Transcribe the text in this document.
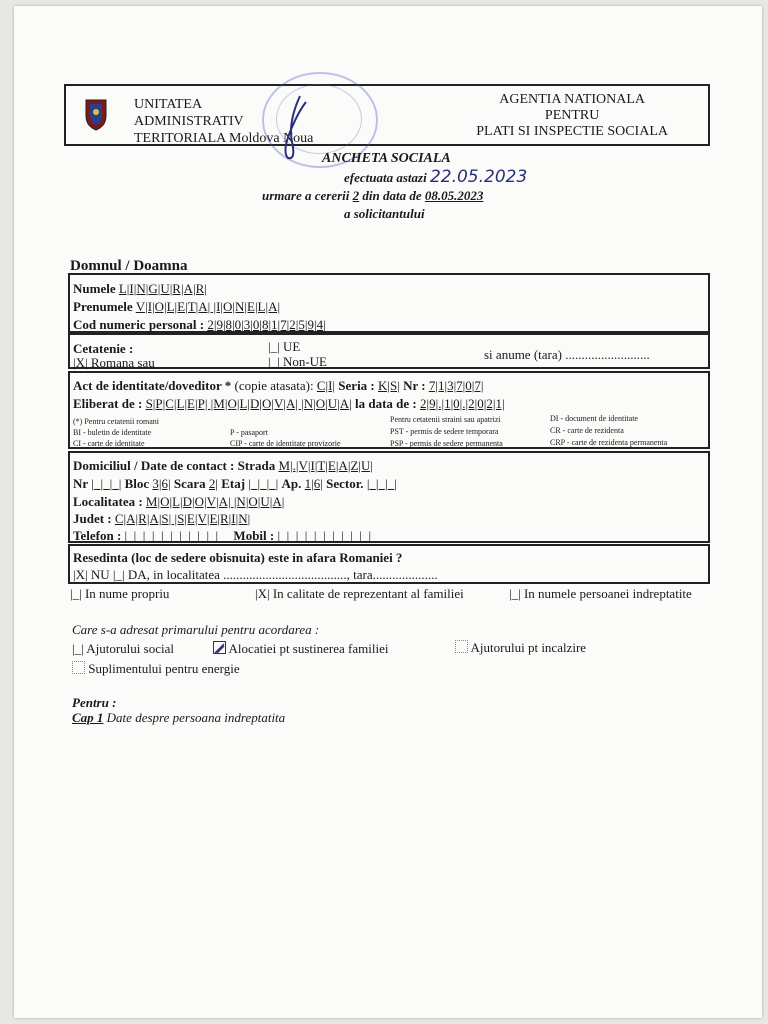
UNITATEA
ADMINISTRATIV
TERITORIALA Moldova Noua
AGENTIA NATIONALA
PENTRU
PLATI SI INSPECTIE SOCIALA
ANCHETA SOCIALA
efectuata astazi 22.05.2023
urmare a cererii 2 din data de 08.05.2023
a solicitantului
Domnul / Doamna
Numele L|I|N|G|U|R|A|R|
Prenumele V|I|O|L|E|T|A| |I|O|N|E|L|A|
Cod numeric personal : 2|9|8|0|3|0|8|1|7|2|5|9|4|
Cetatenie :
|X| Romana sau
|_| UE
|_| Non-UE	si anume (tara) ..........................
Act de identitate/doveditor * (copie atasata): C|I| Seria : K|S| Nr : 7|1|3|7|0|7|
Eliberat de : S|P|C|L|E|P| |M|O|L|D|O|V|A| |N|O|U|A| la data de : 2|9|.|1|0|.|2|0|2|1|
(*) Pentru cetatenii romani
BI - buletin de identitate
CI - carte de identitate
P - pasaport
CIP - carte de identitate provizorie
Pentru cetatenii straini sau apatrizi
PST - permis de sedere temporara
PSP - permis de sedere permanenta
DI - document de identitate
CR - carte de rezidenta
CRP - carte de rezidenta permanenta
Domiciliul / Date de contact : Strada M|.|V|I|T|E|A|Z|U|
Nr |_|_|_| Bloc 3|6| Scara 2| Etaj |_|_|_| Ap. 1|6| Sector. |_|_|_|
Localitatea : M|O|L|D|O|V|A| |N|O|U|A|
Judet : C|A|R|A|S| |S|E|V|E|R|I|N|
Telefon : |_|_|_|_|_|_|_|_|_|_| Mobil : |_|_|_|_|_|_|_|_|_|_|
Resedinta (loc de sedere obisnuita) este in afara Romaniei ?
|X| NU |_| DA, in localitatea ......................................, tara....................
|_| In nume propriu	|X| In calitate de reprezentant al familiei	|_| In numele persoanei indreptatite
Care s-a adresat primarului pentru acordarea :
|_| Ajutorului social	Alocatiei pt sustinerea familiei	Ajutorului pt incalzire
Suplimentului pentru energie
Pentru :
Cap 1 Date despre persoana indreptatita
